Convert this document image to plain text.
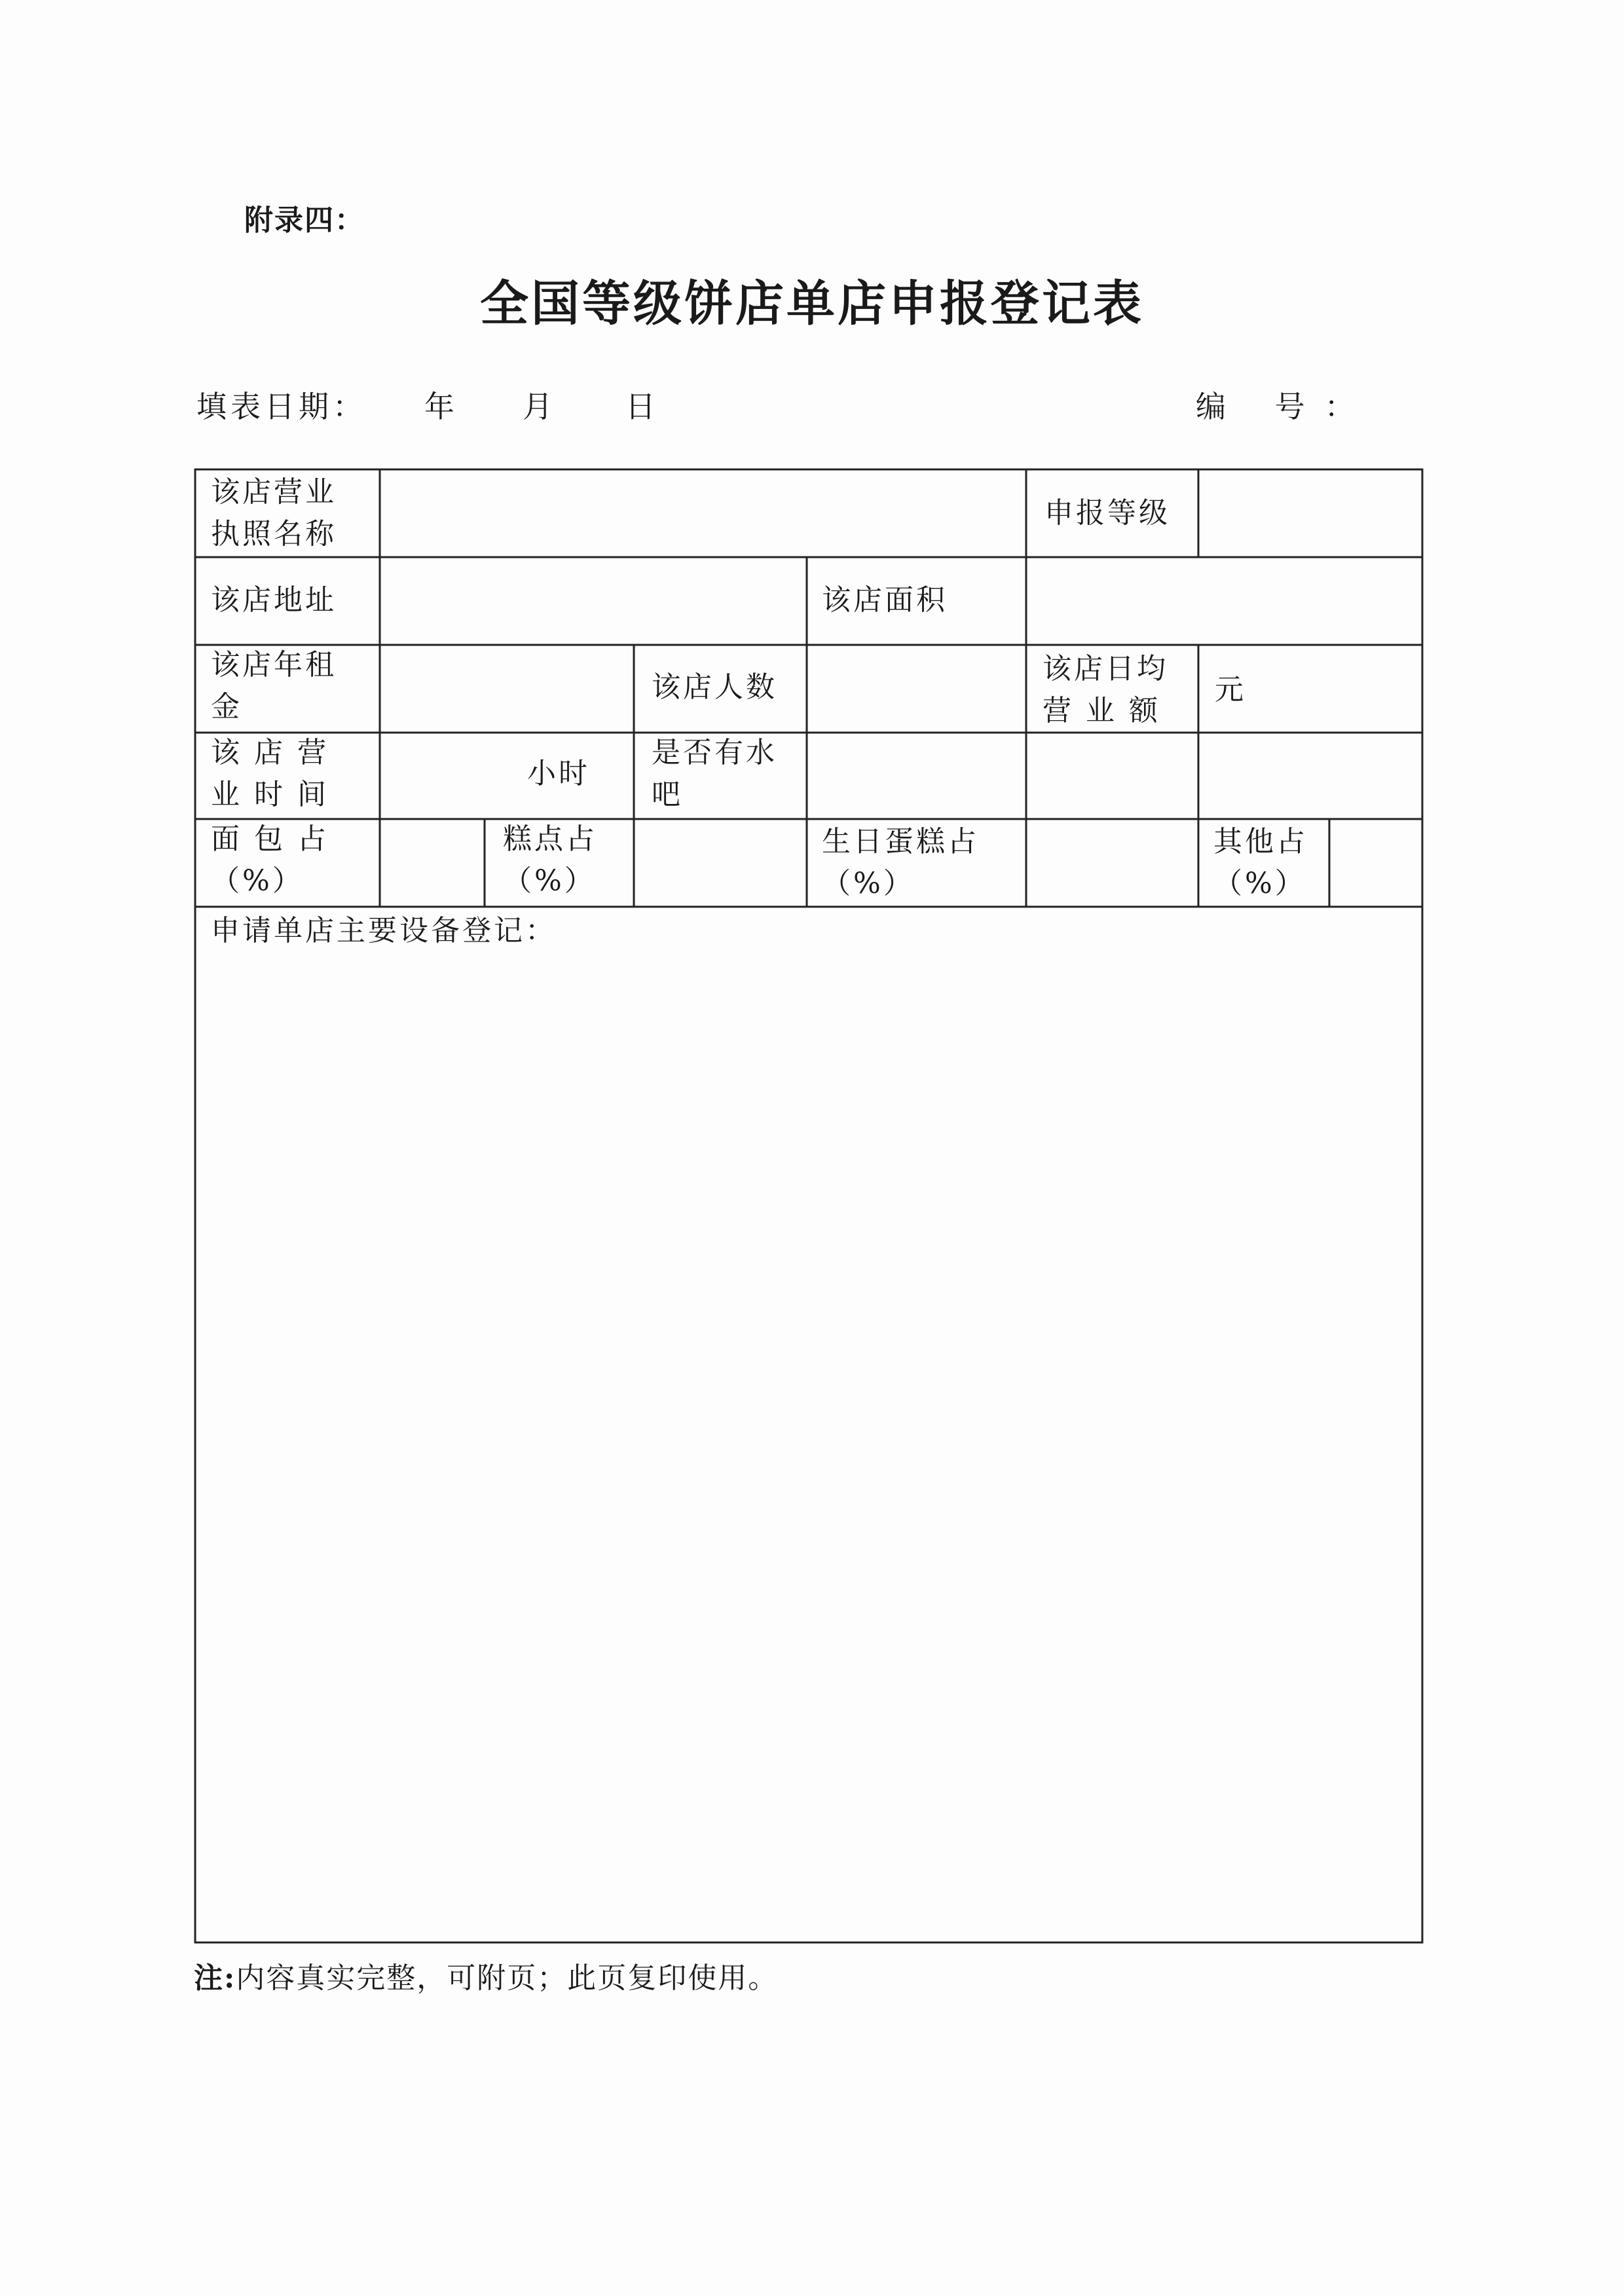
附录四：
全国等级饼店单店申报登记表
填表日期： 年 月 日	编 号：
该店营业
执照名称
申报等级
该店地址	该店面积
该店年租
金
该店人数
该店日均
营 业 额
元
该 店 营
业 时 间
小时
是否有水
吧
面 包 占
（%）
糕点占
（%）
生日蛋糕占
（%）
其他占
（%）
申请单店主要设备登记：
注:内容真实完整，可附页；此页复印使用。
